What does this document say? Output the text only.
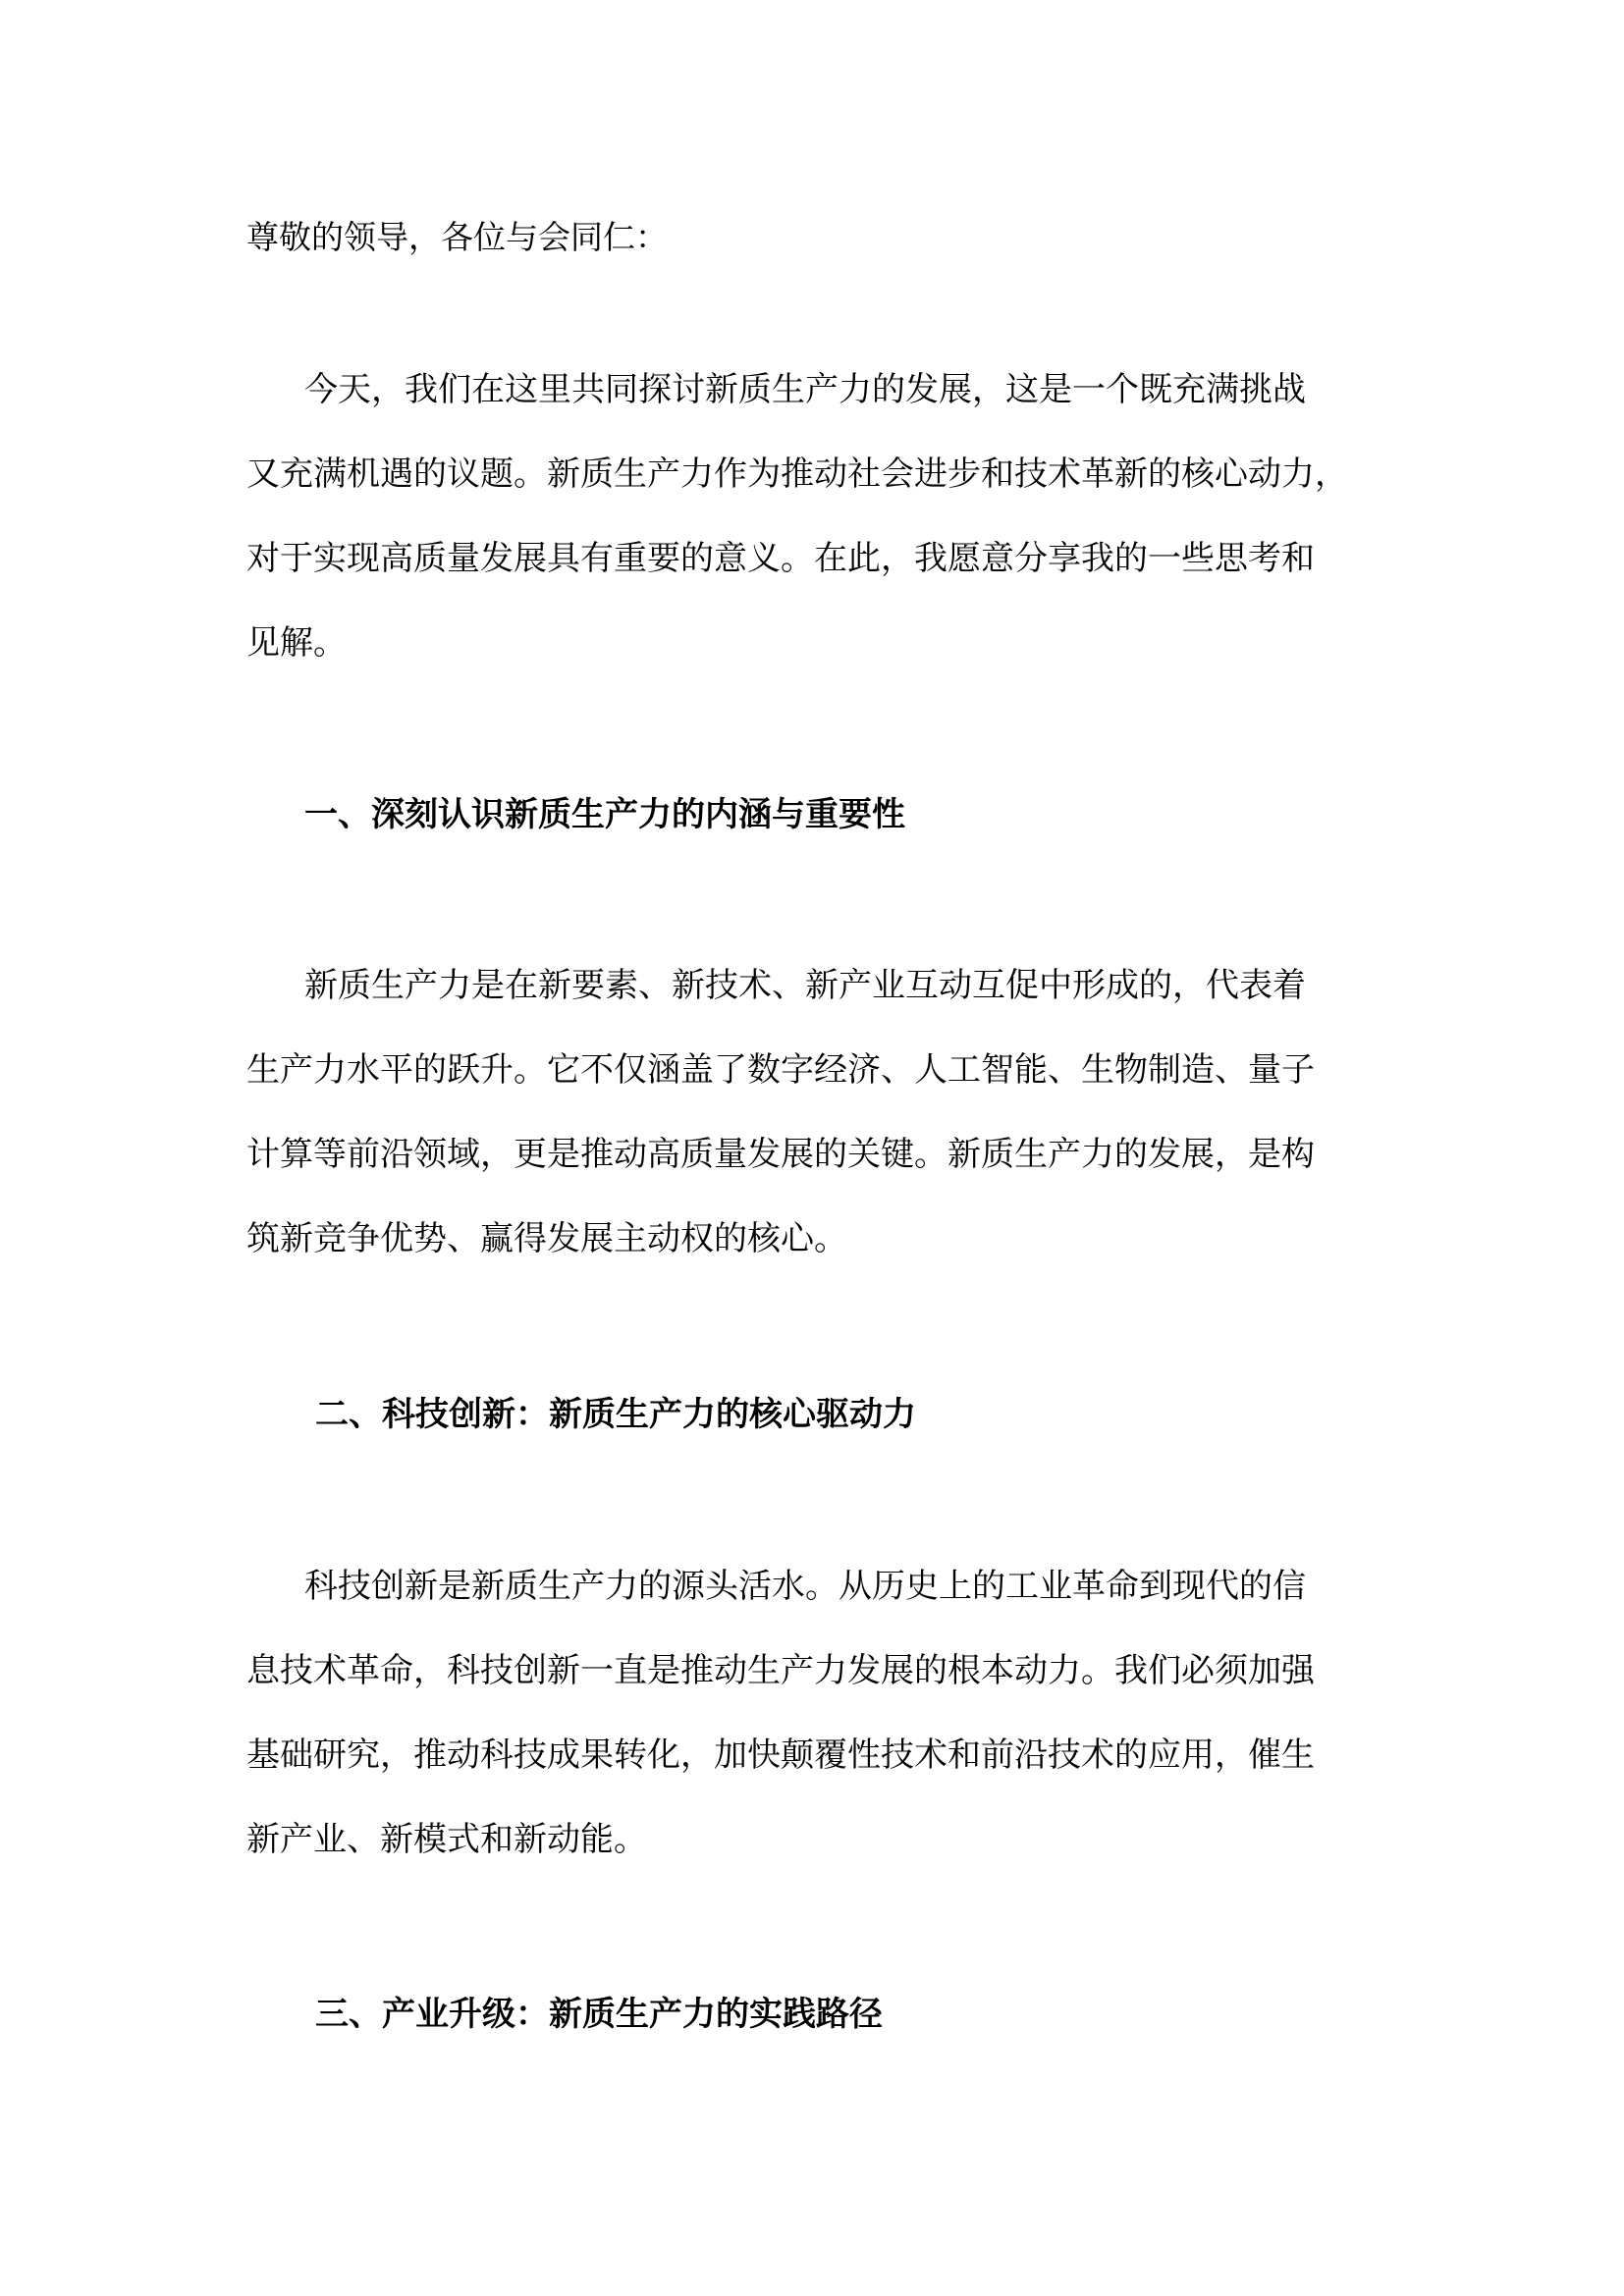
尊敬的领导，各位与会同仁：
今天，我们在这里共同探讨新质生产力的发展，这是一个既充满挑战
又充满机遇的议题。新质生产力作为推动社会进步和技术革新的核心动力，
对于实现高质量发展具有重要的意义。在此，我愿意分享我的一些思考和
见解。
一、深刻认识新质生产力的内涵与重要性
新质生产力是在新要素、新技术、新产业互动互促中形成的，代表着
生产力水平的跃升。它不仅涵盖了数字经济、人工智能、生物制造、量子
计算等前沿领域，更是推动高质量发展的关键。新质生产力的发展，是构
筑新竞争优势、赢得发展主动权的核心。
二、科技创新：新质生产力的核心驱动力
科技创新是新质生产力的源头活水。从历史上的工业革命到现代的信
息技术革命，科技创新一直是推动生产力发展的根本动力。我们必须加强
基础研究，推动科技成果转化，加快颠覆性技术和前沿技术的应用，催生
新产业、新模式和新动能。
三、产业升级：新质生产力的实践路径
